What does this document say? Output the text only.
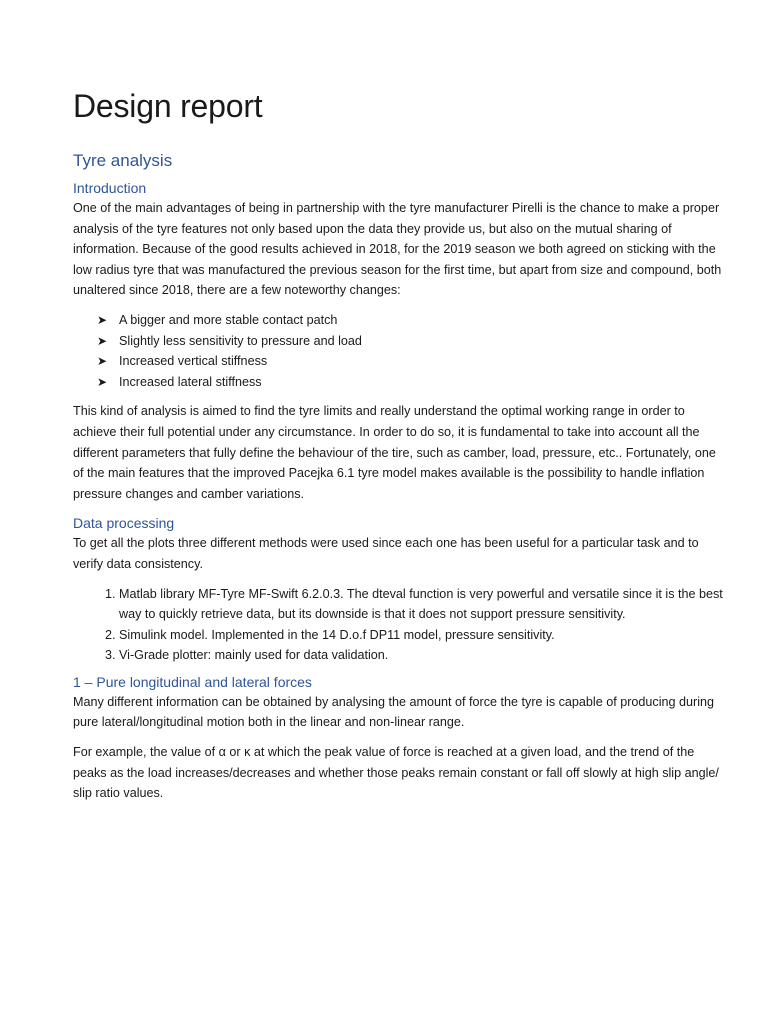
Design report
Tyre analysis
Introduction

One of the main advantages of being in partnership with the tyre manufacturer Pirelli is the chance to make a proper analysis of the tyre features not only based upon the data they provide us, but also on the mutual sharing of information. Because of the good results achieved in 2018, for the 2019 season we both agreed on sticking with the low radius tyre that was manufactured the previous season for the first time, but apart from size and compound, both unaltered since 2018, there are a few noteworthy changes:

➤ A bigger and more stable contact patch
➤ Slightly less sensitivity to pressure and load
➤ Increased vertical stiffness
➤ Increased lateral stiffness

This kind of analysis is aimed to find the tyre limits and really understand the optimal working range in order to achieve their full potential under any circumstance. In order to do so, it is fundamental to take into account all the different parameters that fully define the behaviour of the tire, such as camber, load, pressure, etc.. Fortunately, one of the main features that the improved Pacejka 6.1 tyre model makes available is the possibility to handle inflation pressure changes and camber variations.

Data processing

To get all the plots three different methods were used since each one has been useful for a particular task and to verify data consistency.

1. Matlab library MF-Tyre MF-Swift 6.2.0.3. The dteval function is very powerful and versatile since it is the best way to quickly retrieve data, but its downside is that it does not support pressure sensitivity.
2. Simulink model. Implemented in the 14 D.o.f DP11 model, pressure sensitivity.
3. Vi-Grade plotter: mainly used for data validation.
1 – Pure longitudinal and lateral forces

Many different information can be obtained by analysing the amount of force the tyre is capable of producing during pure lateral/longitudinal motion both in the linear and non-linear range.

For example, the value of α or κ at which the peak value of force is reached at a given load, and the trend of the peaks as the load increases/decreases and whether those peaks remain constant or fall off slowly at high slip angle/ slip ratio values.
